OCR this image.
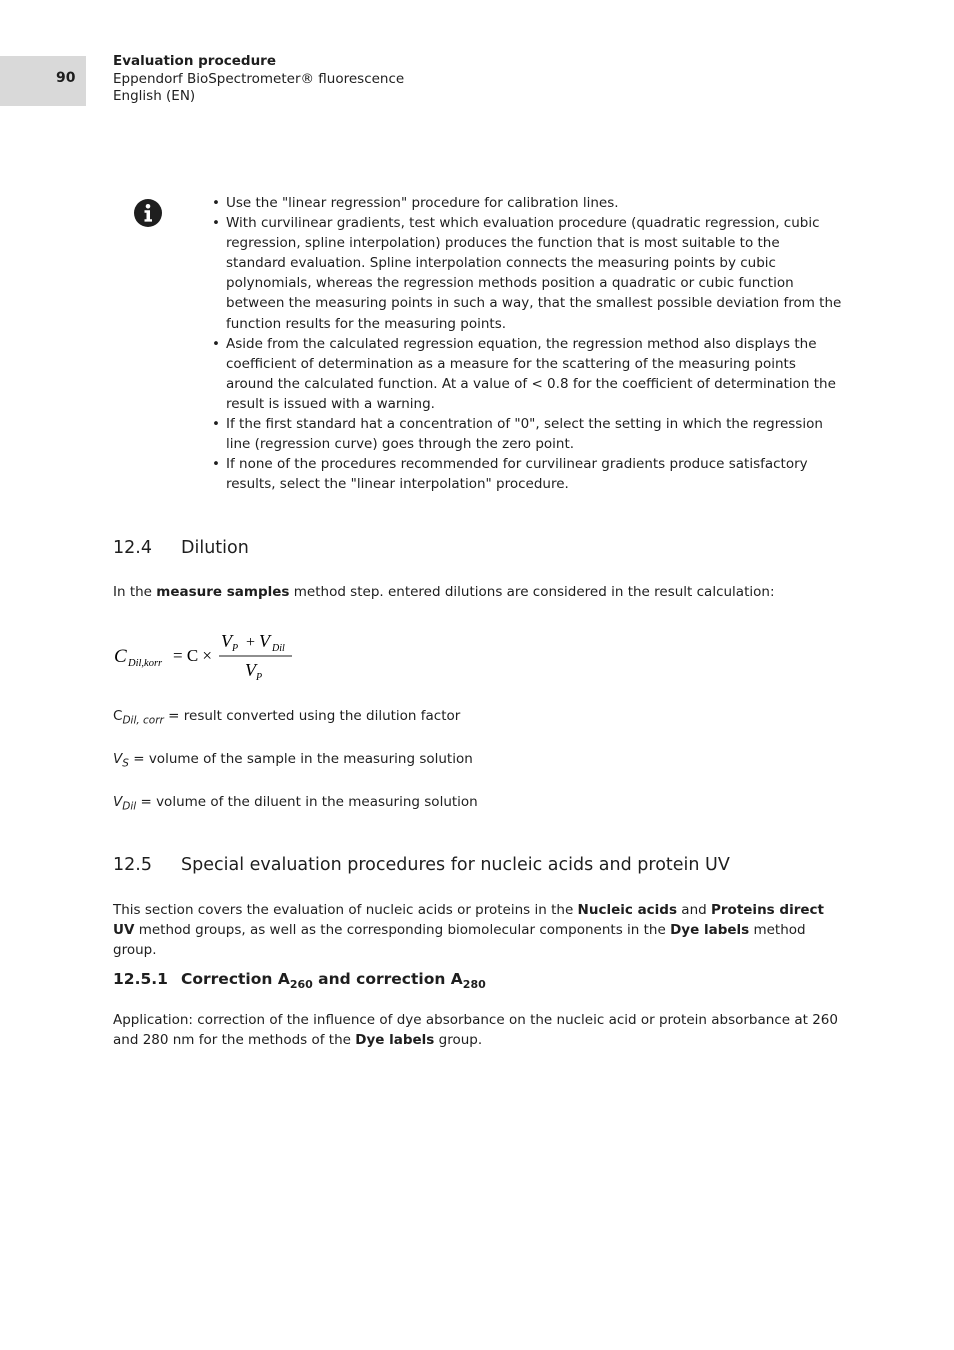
90
Evaluation procedure
Eppendorf BioSpectrometer® fluorescence
English (EN)
• Use the "linear regression" procedure for calibration lines.
• With curvilinear gradients, test which evaluation procedure (quadratic regression, cubic regression, spline interpolation) produces the function that is most suitable to the standard evaluation. Spline interpolation connects the measuring points by cubic polynomials, whereas the regression methods position a quadratic or cubic function between the measuring points in such a way, that the smallest possible deviation from the function results for the measuring points.
• Aside from the calculated regression equation, the regression method also displays the coefficient of determination as a measure for the scattering of the measuring points around the calculated function. At a value of < 0.8 for the coefficient of determination the result is issued with a warning.
• If the first standard hat a concentration of "0", select the setting in which the regression line (regression curve) goes through the zero point.
• If none of the procedures recommended for curvilinear gradients produce satisfactory results, select the "linear interpolation" procedure.
12.4 Dilution

In the measure samples method step. entered dilutions are considered in the result calculation:

C Dil,korr = C ×
V P + V Dil
V P

$C_{Dil, corr}$ = result converted using the dilution factor

$V_S$ = volume of the sample in the measuring solution

$V_{Dil}$ = volume of the diluent in the measuring solution

12.5 Special evaluation procedures for nucleic acids and protein UV

This section covers the evaluation of nucleic acids or proteins in the Nucleic acids and Proteins direct UV method groups, as well as the corresponding biomolecular components in the Dye labels method group.

12.5.1 Correction $A_{260}$ and correction $A_{280}$

Application: correction of the influence of dye absorbance on the nucleic acid or protein absorbance at 260 and 280 nm for the methods of the Dye labels group.
